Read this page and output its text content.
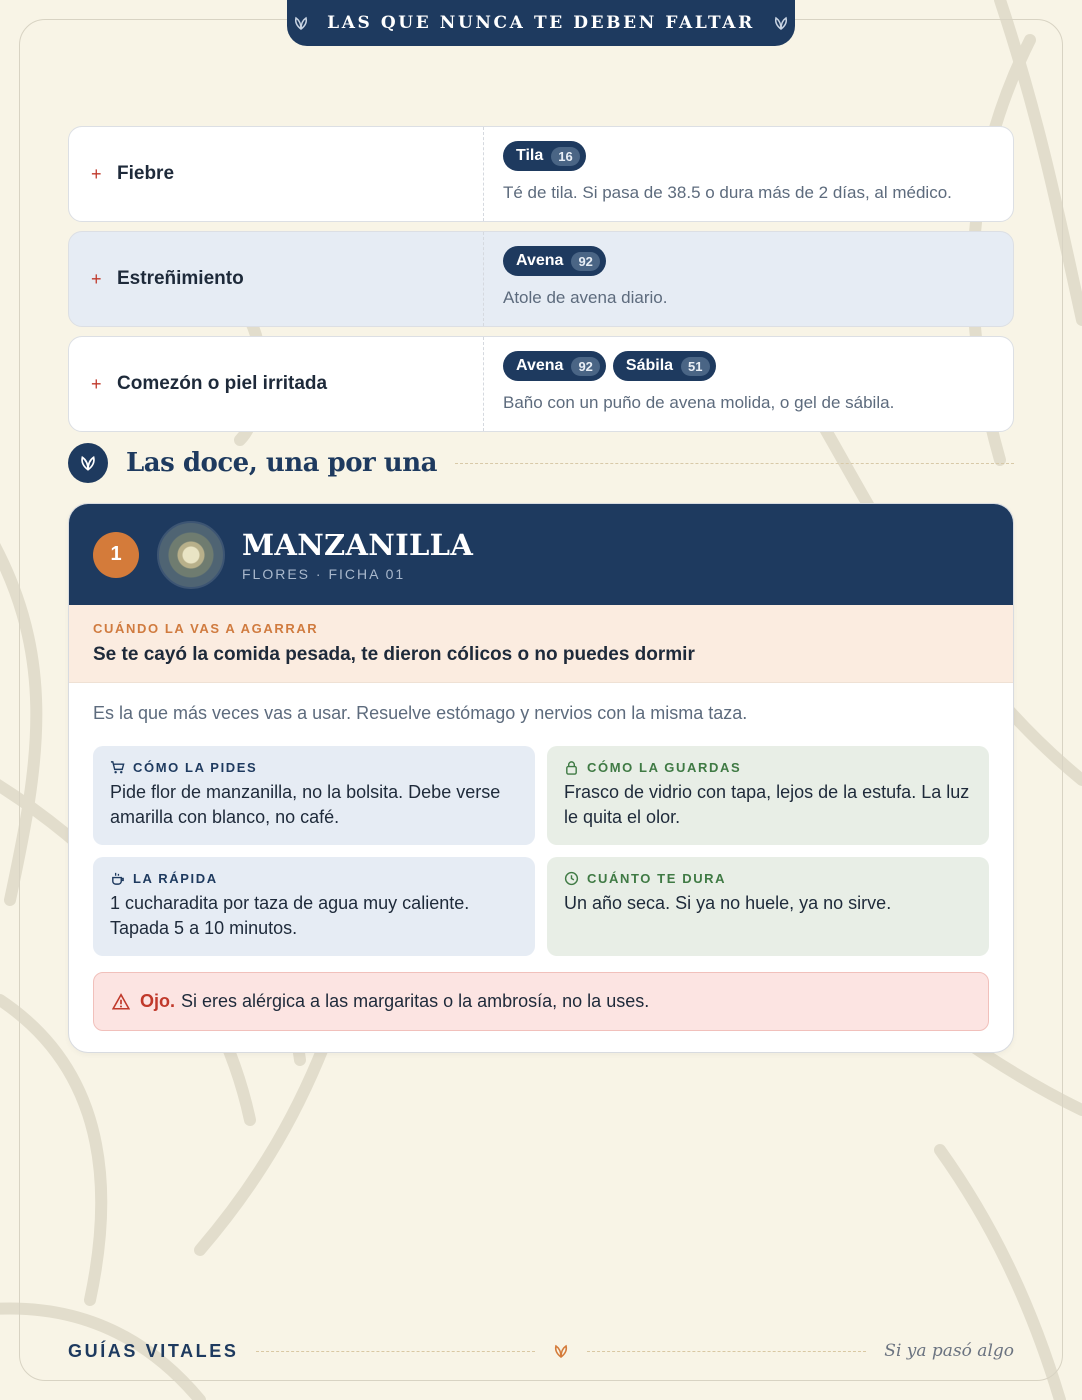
LAS QUE NUNCA TE DEBEN FALTAR
+ Fiebre
Tila	16
Té de tila. Si pasa de 38.5 o dura más de 2 días, al médico.
+ Estreñimiento
Avena	92
Atole de avena diario.
+ Comezón o piel irritada
Avena	92	Sábila	51
Baño con un puño de avena molida, o gel de sábila.
Las doce, una por una
1	MANZANILLA
FLORES · FICHA 01
CUÁNDO LA VAS A AGARRAR
Se te cayó la comida pesada, te dieron cólicos o no puedes dormir
Es la que más veces vas a usar. Resuelve estómago y nervios con la misma taza.
CÓMO LA PIDES
Pide flor de manzanilla, no la bolsita. Debe verse amarilla con blanco, no café.
CÓMO LA GUARDAS
Frasco de vidrio con tapa, lejos de la estufa. La luz le quita el olor.
LA RÁPIDA
1 cucharadita por taza de agua muy caliente. Tapada 5 a 10 minutos.
CUÁNTO TE DURA
Un año seca. Si ya no huele, ya no sirve.
Ojo. Si eres alérgica a las margaritas o la ambrosía, no la uses.
GUÍAS VITALES	Si ya pasó algo
